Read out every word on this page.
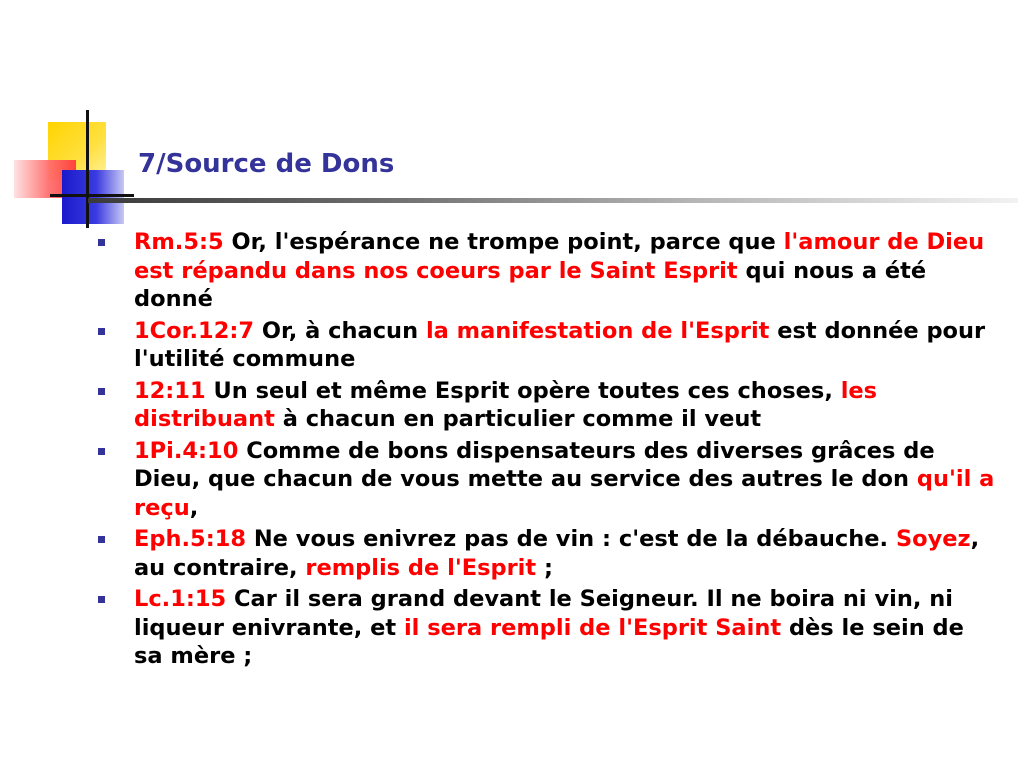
7/Source de Dons
Rm.5:5 Or, l'espérance ne trompe point, parce que l'amour de Dieu est répandu dans nos coeurs par le Saint Esprit qui nous a été donné
1Cor.12:7 Or, à chacun la manifestation de l'Esprit est donnée pour l'utilité commune
12:11 Un seul et même Esprit opère toutes ces choses, les distribuant à chacun en particulier comme il veut
1Pi.4:10 Comme de bons dispensateurs des diverses grâces de Dieu, que chacun de vous mette au service des autres le don qu'il a reçu,
Eph.5:18 Ne vous enivrez pas de vin : c'est de la débauche. Soyez, au contraire, remplis de l'Esprit ;
Lc.1:15 Car il sera grand devant le Seigneur. Il ne boira ni vin, ni liqueur enivrante, et il sera rempli de l'Esprit Saint dès le sein de sa mère ;
